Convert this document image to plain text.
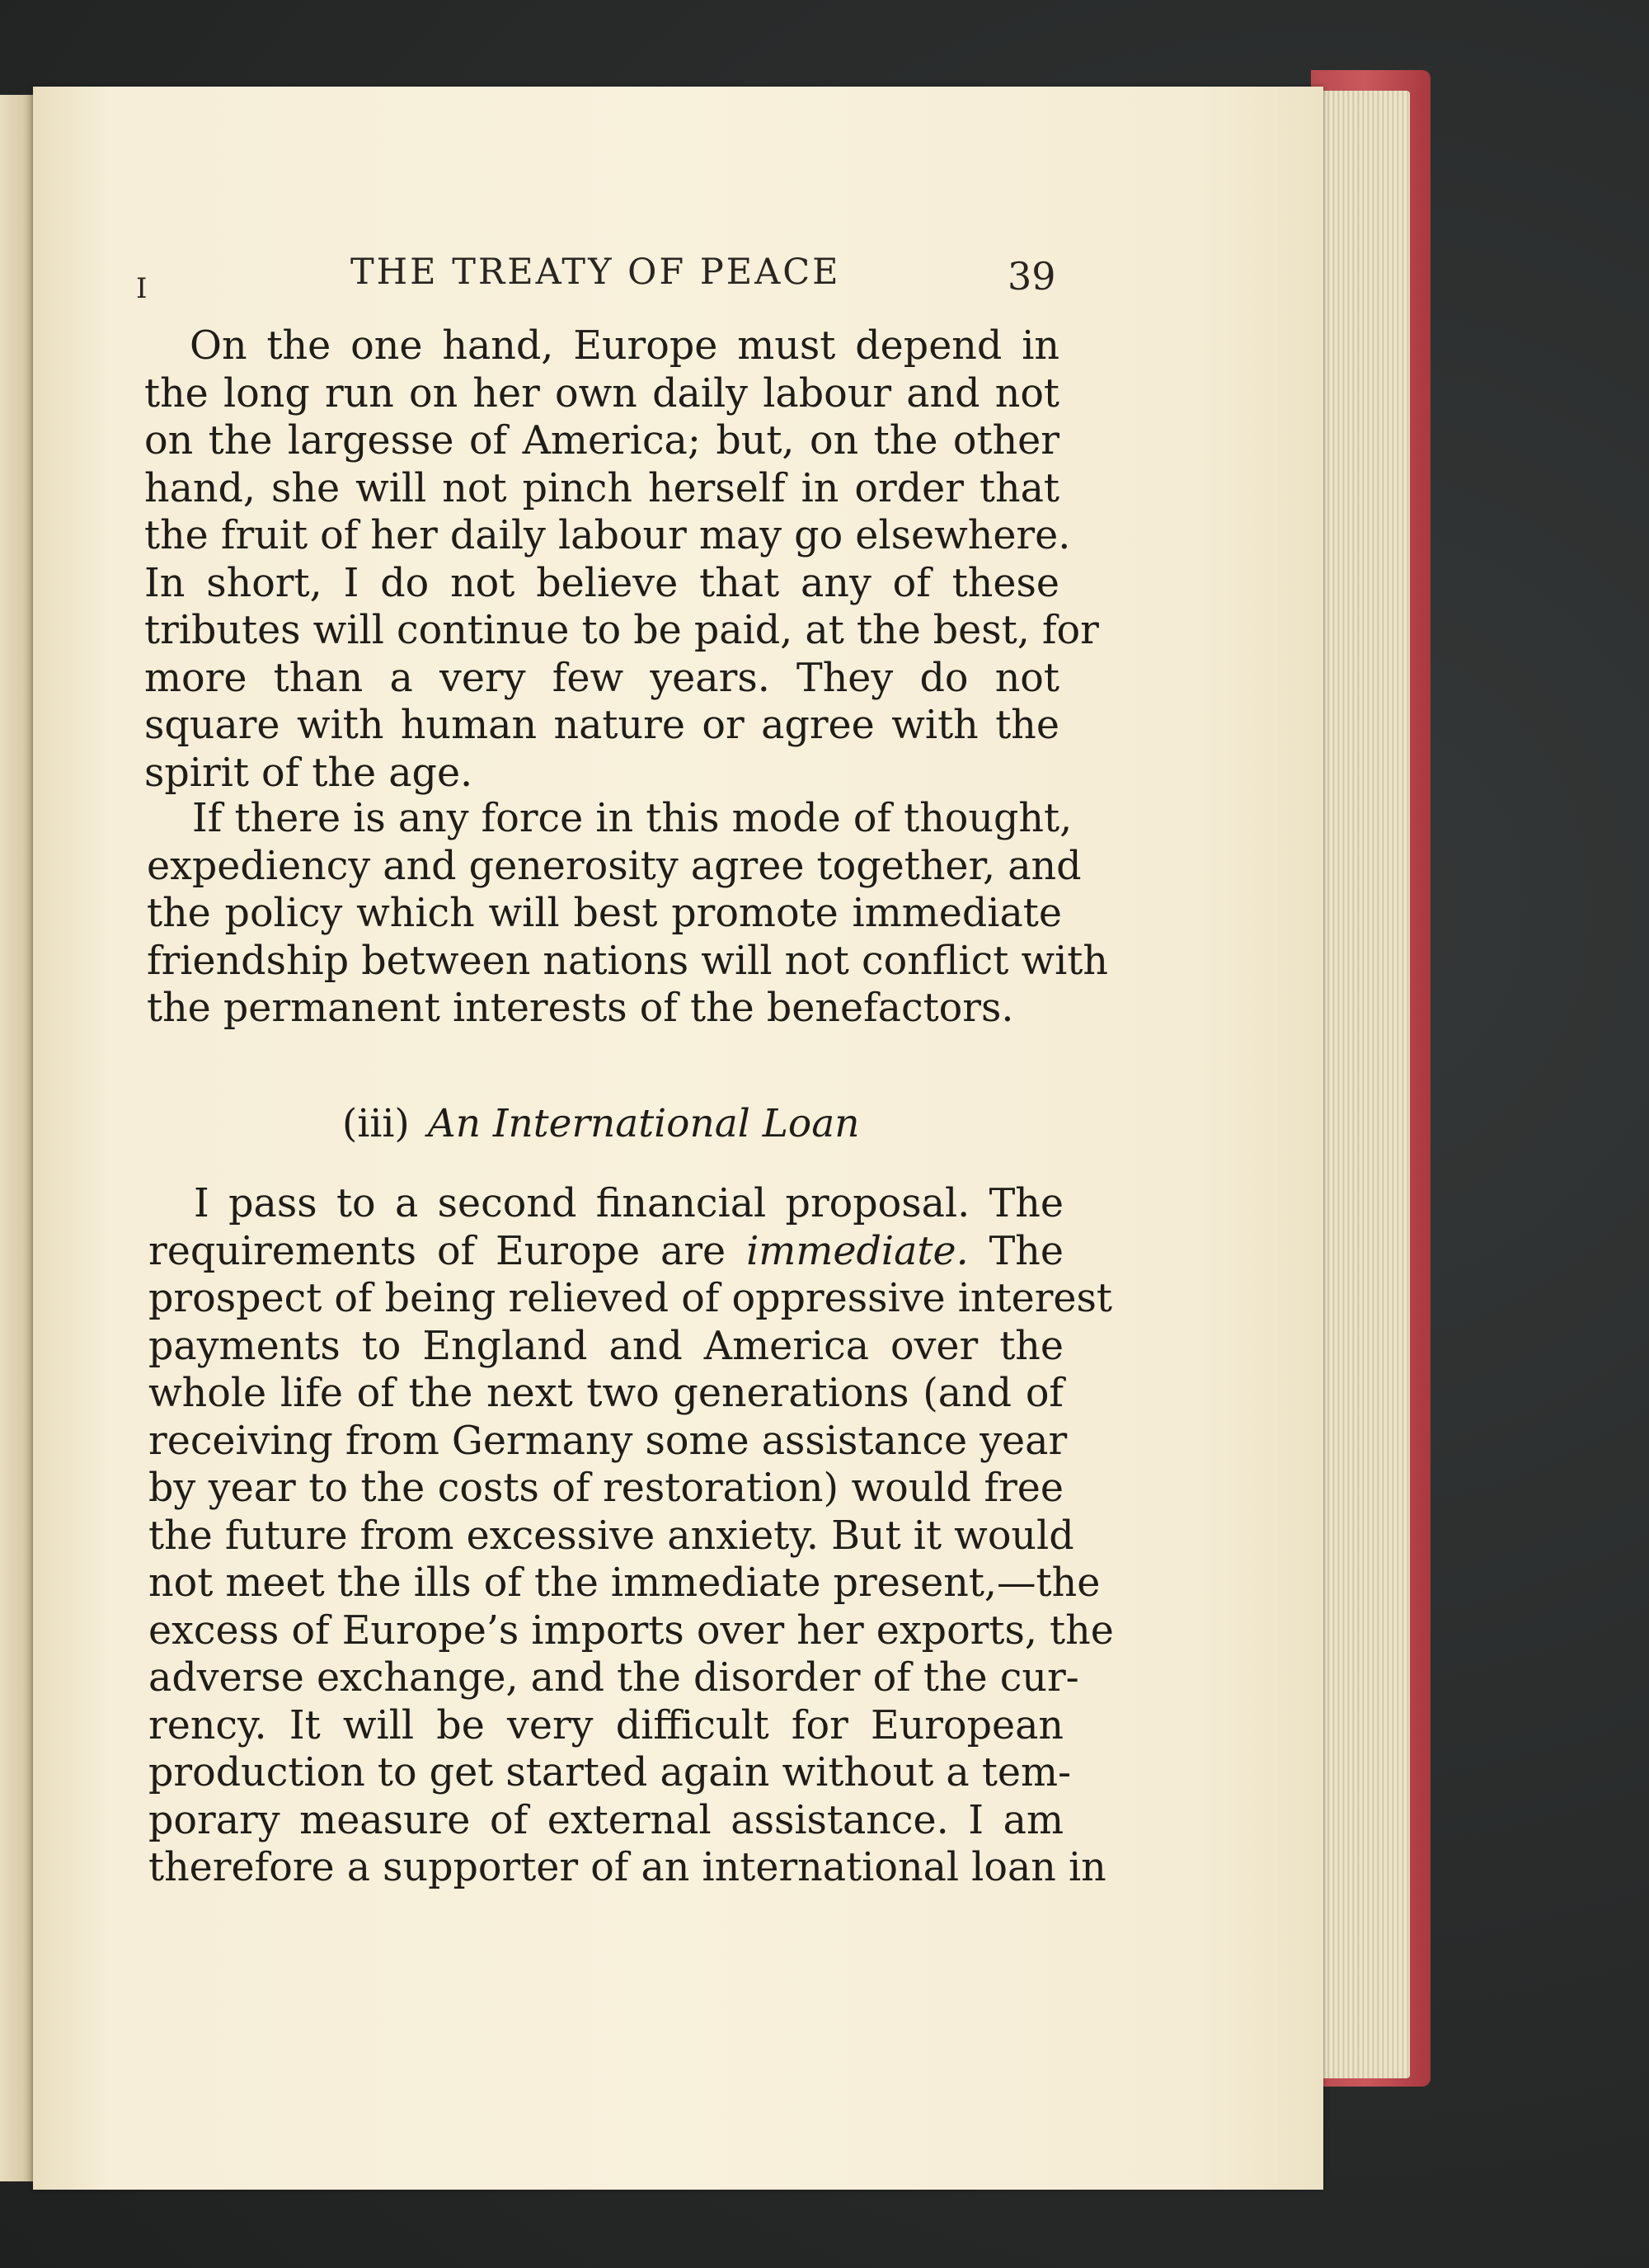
I	THE TREATY OF PEACE	39
On the one hand, Europe must depend in
the long run on her own daily labour and not
on the largesse of America; but, on the other
hand, she will not pinch herself in order that
the fruit of her daily labour may go elsewhere.
In short, I do not believe that any of these
tributes will continue to be paid, at the best, for
more than a very few years. They do not
square with human nature or agree with the
spirit of the age.
If there is any force in this mode of thought,
expediency and generosity agree together, and
the policy which will best promote immediate
friendship between nations will not conflict with
the permanent interests of the benefactors.
(iii) An International Loan
I pass to a second financial proposal. The
requirements of Europe are immediate. The
prospect of being relieved of oppressive interest
payments to England and America over the
whole life of the next two generations (and of
receiving from Germany some assistance year
by year to the costs of restoration) would free
the future from excessive anxiety. But it would
not meet the ills of the immediate present,—the
excess of Europe’s imports over her exports, the
adverse exchange, and the disorder of the cur-
rency. It will be very difficult for European
production to get started again without a tem-
porary measure of external assistance. I am
therefore a supporter of an international loan in
